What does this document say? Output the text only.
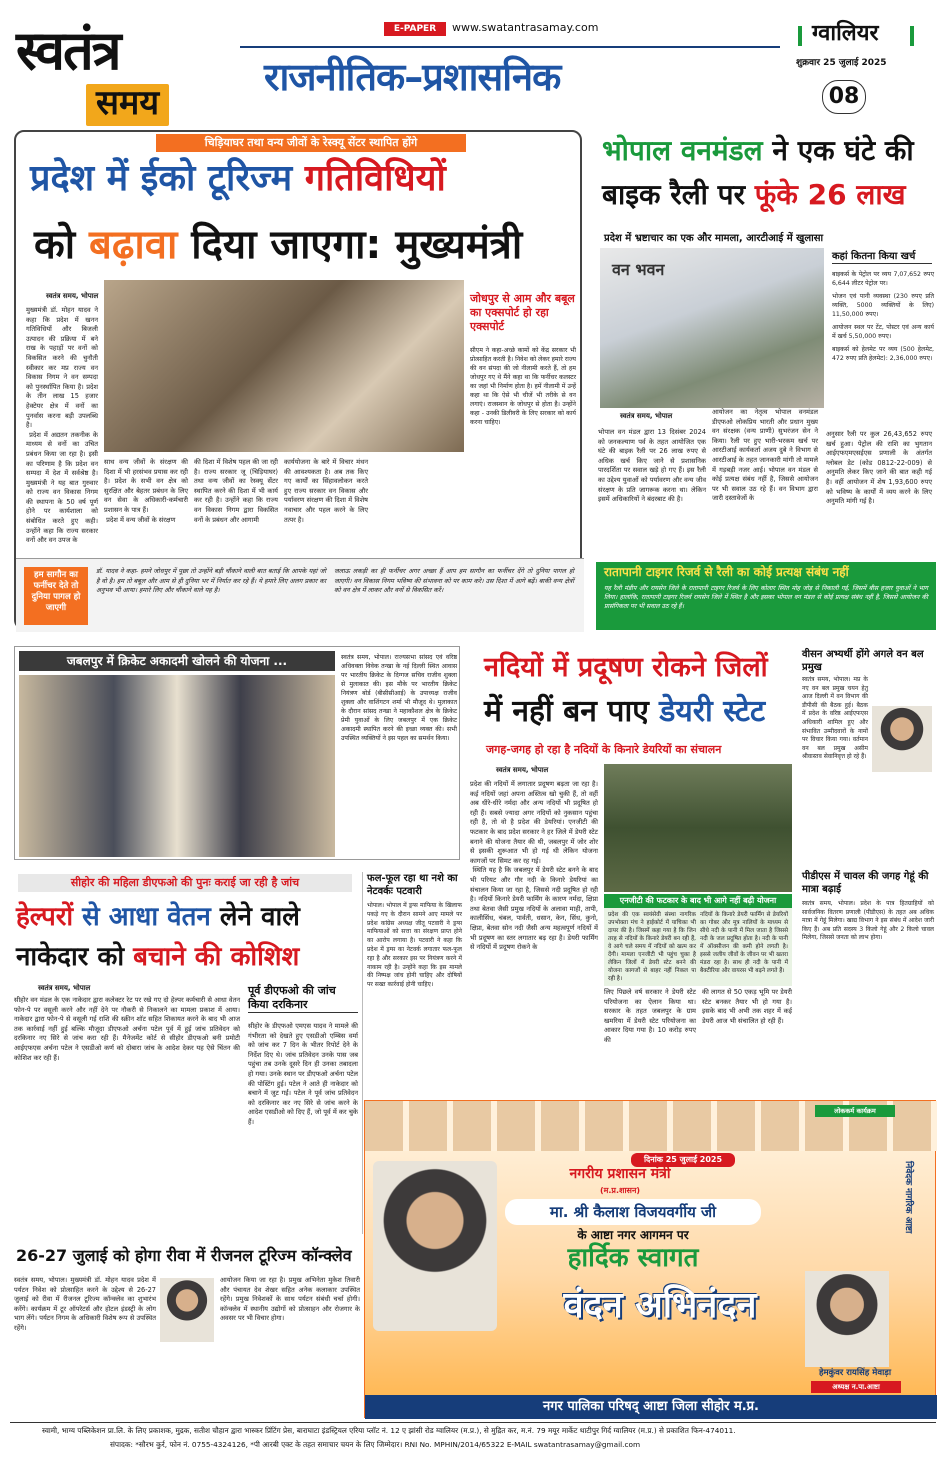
स्वतंत्र
समय
E-PAPER	www.swatantrasamay.com
राजनीतिक–प्रशासनिक
ग्वालियर
शुक्रवार 25 जुलाई 2025
08
चिड़ियाघर तथा वन्य जीवों के रेस्क्यू सेंटर स्थापित होंगे
प्रदेश में ईको टूरिज्म गतिविधियों
को बढ़ावा दिया जाएगा: मुख्यमंत्री
स्वतंत्र समय, भोपाल
मुख्यमंत्री डॉ. मोहन यादव ने कहा कि प्रदेश में खनन गतिविधियों और बिजली उत्पादन की प्रक्रिया में बने राख के पहाड़ों पर वनों को विकसित करने की चुनौती स्वीकार कर मप्र राज्य वन विकास निगम ने वन सम्पदा को पुनर्स्थापित किया है। प्रदेश के तीन लाख 15 हजार हेक्टेयर क्षेत्र में वनों का पुनर्वास करना बड़ी उपलब्धि है।
प्रदेश में अद्यतन तकनीक के माध्यम से वनों का उचित प्रबंधन किया जा रहा है। इसी का परिणाम है कि प्रदेश वन सम्पदा में देश में सर्वश्रेष्ठ है। मुख्यमंत्री ने यह बात गुरुवार को राज्य वन विकास निगम की स्थापना के 50 वर्ष पूर्ण होने पर कार्यशाला को संबोधित करते हुए कही। उन्होंने कहा कि राज्य सरकार वनों और वन उपज के
साथ वन्य जीवों के संरक्षण की दिशा में भी हरसंभव प्रयास कर रही है। प्रदेश के सभी वन क्षेत्र को सुरक्षित और बेहतर प्रबंधन के लिए वन सेवा के अधिकारी-कर्मचारी प्रशासन के पात्र हैं।
प्रदेश में वन्य जीवों के संरक्षण
की दिशा में विशेष पहल की जा रही है। राज्य सरकार जू (चिड़ियाघर) तथा वन्य जीवों का रेस्क्यू सेंटर स्थापित करने की दिशा में भी कार्य कर रही है। उन्होंने कहा कि राज्य वन विकास निगम द्वारा विकसित वनों के प्रबंधन और आगामी
कार्ययोजना के बारे में विचार मंथन की आवश्यकता है। अब तक किए गए कार्यों का सिंहावलोकन करते हुए राज्य सरकार वन विकास और पर्यावरण संरक्षण की दिशा में विशेष नवाचार और पहल करने के लिए तत्पर है।
जोधपुर से आम और बबूल का एक्सपोर्ट हो रहा एक्सपोर्ट
सीएम ने कहा-अच्छे कामों को केंद्र सरकार भी प्रोत्साहित करती है। निवेश को लेकर हमारे राज्य की वन संपदा की जो नीलामी करते हैं, तो हम जोधपुर गए थे मैंने कहा था कि फर्नीचर कलस्टर का जहां भी निर्माण होता है। हमें नीलामी में उन्हें कहा था कि ऐसे भी चीजें भी तरीके से वन लगाएं। राजस्थान के जोधपुर से होता है। उन्होंने कहा - उनकी डिलीवरी के लिए सरकार को कार्य करना चाहिए।
हम सागौन का फर्नीचर देते तो दुनिया पागल हो जाएगी
डॉ. यादव ने कहा- हमने जोधपुर में पूछा तो उन्होंने बड़ी चौंकाने वाली बात बताई कि आपके यहां जो है वो है। हम तो बबूल और आम से ही दुनिया भर में निर्यात कर रहे हैं। ये हमारे लिए अलग प्रकार का अनुभव भी आया। हमारे लिए और चौंकाने वाले यह है।
जलाऊ लकड़ी का ही फर्नीचर अगर अच्छा हैं आप हम सागौन का फर्नीचर देंगे तो दुनिया पागल हो जाएगी। वन विकास निगम भविष्य की संभावना को पर काम करे। उस दिशा में आगे बढ़ें। बाकी वन्य क्षेत्रों को वन क्षेत्र में लाकर और वनों से विकसित करें।
भोपाल वनमंडल ने एक घंटे की
बाइक रैली पर फूंके 26 लाख
प्रदेश में भ्रष्टाचार का एक और मामला, आरटीआई में खुलासा
वन भवन
कहां कितना किया खर्च
बाइकर्स के पेट्रोल पर व्यय 7,07,652 रुपए 6,644 लीटर पेट्रोल पर।
भोजन एवं पानी व्यवस्था (230 रुपए प्रति व्यक्ति, 5000 व्यक्तियों के लिए) 11,50,000 रुपए।
आयोजन स्थल पर टेंट, पोस्टर एवं अन्य कार्य में खर्च 5,50,000 रुपए।
बाइकर्स को हेलमेट पर व्यय (500 हेलमेट, 472 रुपए प्रति हेलमेट): 2,36,000 रुपए।
स्वतंत्र समय, भोपाल
भोपाल वन मंडल द्वारा 13 दिसंबर 2024 को जनकल्याण पर्व के तहत आयोजित एक घंटे की बाइक रैली पर 26 लाख रुपए से अधिक खर्च किए जाने से प्रशासनिक पारदर्शिता पर सवाल खड़े हो गए हैं। इस रैली का उद्देश्य युवाओं को पर्यावरण और वन्य जीव संरक्षण के प्रति जागरूक करना था। लेकिन इसमें अधिकारियों ने बंदरबाट की है।
आयोजन का नेतृत्व भोपाल वनमंडल डीएफओ लोकप्रिय भारती और प्रधान मुख्य वन संरक्षक (वन्य प्राणी) सुभरंजन सेन ने किया। रैली पर हुए भारी-भरकम खर्च पर आरटीआई कार्यकर्ता अजय दुबे ने विभाग से आरटीआई के तहत जानकारी मांगी तो मामले में गड़बड़ी नजर आई। भोपाल वन मंडल से कोई प्रत्यक्ष संबंध नहीं है, जिससे आयोजन पर भी सवाल उठ रहे हैं। वन विभाग द्वारा जारी दस्तावेजों के
अनुसार रैली पर कुल 26,43,652 रुपए खर्च हुआ। पेट्रोल की राशि का भुगतान आईएफएमएसईएस प्रणाली के अंतर्गत ग्लोबल डेट (कोड 0812-22-009) से अनुमति लेकर किए जाने की बात कही गई है। वहीं आयोजन में शेष 1,93,600 रुपए को भविष्य के कार्यों में व्यय करने के लिए अनुमति मांगी गई है।
रातापानी टाइगर रिजर्व से रैली का कोई प्रत्यक्ष संबंध नहीं
यह रैली मंडीप और रायसेन जिले के रातापानी टाइगर रिजर्व के लिए कोलार स्थित मोह जोड़ से निकाली गई, जिसमें बीस हजार युवाओं ने भाग लिया। हालांकि, रातापानी टाइगर रिजर्व रायसेन जिले में स्थित है और इसका भोपाल वन मंडल से कोई प्रत्यक्ष संबंध नहीं है, जिससे आयोजन की प्रासंगिकता पर भी सवाल उठ रहे हैं।
जबलपुर में क्रिकेट अकादमी खोलने की योजना ...	स्वतंत्र समय, भोपाल। राज्यसभा सांसद एवं वरिष्ठ अधिवक्ता विवेक तन्खा के नई दिल्ली स्थित आवास पर भारतीय क्रिकेट के दिग्गज सचिव राजीव शुक्ला से मुलाकात की। इस मौके पर भारतीय क्रिकेट नियंत्रण बोर्ड (बीसीसीआई) के उपाध्यक्ष राजीव शुक्ला और वाशिंगटन शर्मा भी मौजूद थे। मुलाकात के दौरान सांसद तन्खा ने महाकौशल क्षेत्र के क्रिकेट प्रेमी युवाओं के लिए जबलपुर में एक क्रिकेट अकादमी स्थापित करने की इच्छा व्यक्त की। सभी उपस्थित व्यक्तियों ने इस पहल का समर्थन किया।
नदियों में प्रदूषण रोकने जिलों
में नहीं बन पाए डेयरी स्टेट
जगह-जगह हो रहा है नदियों के किनारे डेयरियों का संचालन
स्वतंत्र समय, भोपाल
प्रदेश की नदियों में लगातार प्रदूषण बढ़ता जा रहा है। कई नदियों जहां अपना अस्तित्व खो चुकी हैं, तो वहीं अब धीरे-धीरे नर्मदा और अन्य नदियों भी प्रदूषित हो रही हैं। सबसे ज्यादा अगर नदियों को नुकसान पहुंचा रही है, तो वो है प्रदेश की डेयरियां। एनजीटी की फटकार के बाद प्रदेश सरकार ने हर जिले में डेयरी स्टेट बनाने की योजना तैयार की थी, जबलपुर में जोर शोर से इसकी शुरूआत भी हो गई थी लेकिन योजना कागजों पर सिमट कर रह गई।
स्थिति यह है कि जबलपुर में डेयरी स्टेट बनने के बाद भी परियट और गौर नदी के किनारे डेयरियां का संचालन किया जा रहा है, जिससे नदी प्रदूषित हो रही है। नदियों किनारे डेयरी फार्मिंग के कारण नर्मदा, क्षिप्रा तथा बेतवा जैसी प्रमुख नदियों के अलावा माही, तापी, कालीसिंध, चंबल, पार्वती, धसान, केन, सिंध, कुनो, क्षिप्रा, बेतवा सोन नदी जैसी अन्य महत्वपूर्ण नदियों में भी प्रदूषण का स्तर लगातार बढ़ रहा है। डेयरी फार्मिंग से नदियों में प्रदूषण रोकने के
एनजीटी की फटकार के बाद भी आगे नहीं बढ़ी योजना
प्रदेश की एक स्वयंसेवी संस्था नागरिक उपभोक्ता मंच ने हाईकोर्ट में याचिका भी दायर की है। जिसमें कहा गया है कि जिन तरह से नदियों के किनारे डेयरी बन रही हैं, वे आगे चले समय में नदियों को खत्म कर देंगी। मामला एनजीटी भी पहुंच चुका है लेकिन जिलों में डेयरी स्टेट बनने की योजना कागजों से बाहर नहीं निकल पा रही है।
नदियों के किनारे डेयरी फार्मिंग से डेयरियों का गोबर और मूत्र नालियों के माध्यम से सीधे नदी के पानी में मिल जाता है जिससे नदी के जल प्रदूषित होता है। नदी के पानी में ऑक्सीजन की कमी होने लगती है। इससे जलीय जीवों के जीवन पर भी खतरा मंडरा रहा है। साथ ही नदी के पानी में बैक्टीरिया और वायरस भी बढ़ने लगते हैं।
लिए पिछले वर्ष सरकार ने डेयरी स्टेट परियोजना का ऐलान किया था। सरकार के तहत जबलपुर के ग्राम खमरिया में डेयरी स्टेट परियोजना का आकार दिया गया है। 10 करोड़ रुपए की
की लागत से 50 एकड़ भूमि पर डेयरी स्टेट बनकर तैयार भी हो गया है। इसके बाद भी अभी तक शहर में कई डेयरी आज भी संचालित हो रही हैं।
वीसन अभ्यर्थी होंगे अगले वन बल प्रमुख
स्वतंत्र समय, भोपाल। मप्र के नए वन बल प्रमुख चयन हेतु आज दिल्ली में वन विभाग की डीपीसी की बैठक हुई। बैठक में प्रदेश के वरिष्ठ आईएफएस अधिकारी शामिल हुए और संभावित उम्मीदवारों के नामों पर विचार किया गया। वर्तमान वन बल प्रमुख असीम श्रीवास्तव सेवानिवृत्त हो रहे हैं।
पीडीएस में चावल की जगह गेहूं की मात्रा बढ़ाई
स्वतंत्र समय, भोपाल। प्रदेश के पात्र हितग्राहियों को सार्वजनिक वितरण प्रणाली (पीडीएस) के तहत अब अधिक मात्रा में गेहूं मिलेगा। खाद्य विभाग ने इस संबंध में आदेश जारी किए हैं। अब प्रति सदस्य 3 किलो गेहूं और 2 किलो चावल मिलेगा, जिससे जनता को लाभ होगा।
सीहोर की महिला डीएफओ की पुनः कराई जा रही है जांच
हेल्परों से आधा वेतन लेने वाले
नाकेदार को बचाने की कोशिश
स्वतंत्र समय, भोपाल
सीहोर वन मंडल के एक नाकेदार द्वारा कलेक्टर रेट पर रखे गए दो हेल्पर कर्मचारी से आधा वेतन फोन-पे पर वसूली करने और नहीं देने पर नौकरी से निकालने का मामला प्रकाश में आया। नाकेदार द्वारा फोन-पे से वसूली गई राशि की स्क्रीन शॉट सहित शिकायत करने के बाद भी आज तक कार्रवाई नहीं हुई बल्कि मौजूदा डीएफओ अर्चना पटेल पूर्व में हुई जांच प्रतिवेदन को दरकिनार नए सिरे से जांच करा रही हैं। मैनेजमेंट कोर्ट से सीहोर डीएफओ बनी प्रमोटी आईएफएस अर्चना पटेल ने एसडीओ कर्ण को दोबारा जांच के आदेश देकर यह ऐसे चिंतन की कोशिश कर रही हैं।
पूर्व डीएफओ की जांच किया दरकिनार
सीहोर के डीएफओ एमएस यादव ने मामले की गंभीरता को देखते हुए एसडीओ एम्बिस वर्मा को जांच कर 7 दिन के भीतर रिपोर्ट देने के निर्देश दिए थे। जांच प्रतिवेदन उनके पास जब पहुंचा तब उनके दूसरे दिन ही उनका तबादला हो गया। उनके स्थान पर डीएफओ अर्चना पटेल की पोस्टिंग हुई। पटेल ने आते ही नाकेदार को बचाने में जुट गईं। पटेल ने पूर्व जांच प्रतिवेदन को दरकिनार कर नए सिरे से जांच करने के आदेश एसडीओ को दिए हैं, जो पूर्व में कर चुके हैं।
फल-फूल रहा था नशे का नेटवर्कः पटवारी
भोपाल। भोपाल में ड्रग्स माफिया के खिलाफ पकड़े गए के दौरान सामने आए मामले पर प्रदेश कांग्रेस अध्यक्ष जीतू पटवारी ने ड्रग्स माफियाओं को सत्ता का संरक्षण प्राप्त होने का आरोप लगाया है। पटवारी ने कहा कि प्रदेश में ड्रग्स का नेटवर्क लगातार फल-फूल रहा है और सरकार इस पर नियंत्रण करने में नाकाम रही है। उन्होंने कहा कि इस मामले की निष्पक्ष जांच होनी चाहिए और दोषियों पर सख्त कार्रवाई होनी चाहिए।
26-27 जुलाई को होगा रीवा में रीजनल टूरिज्म कॉन्क्लेव
स्वतंत्र समय, भोपाल। मुख्यमंत्री डॉ. मोहन यादव प्रदेश में पर्यटन निवेश को प्रोत्साहित करने के उद्देश्य से 26-27 जुलाई को रीवा में रीजनल टूरिज्म कॉन्क्लेव का शुभारंभ करेंगे। कार्यक्रम में टूर ऑपरेटर्स और होटल इंडस्ट्री के लोग भाग लेंगे। पर्यटन निगम के अधिकारी विशेष रूप से उपस्थित रहेंगे।
आयोजन किया जा रहा है। प्रमुख अभिनेता मुकेश तिवारी और पंचायत देव शेखर सहित अनेक कलाकार उपस्थित रहेंगे। प्रमुख निवेशकों के साथ पर्यटन संबंधी चर्चा होगी। कॉन्क्लेव में स्थानीय उद्योगों को प्रोत्साहन और रोजगार के अवसर पर भी विचार होगा।
दिनांक 25 जुलाई 2025
लोककर्म कार्यक्रम
नगरीय प्रशासन मंत्री
(म.प्र.शासन)
मा. श्री कैलाश विजयवर्गीय जी
के आष्टा नगर आगमन पर
हार्दिक स्वागत
वंदन अभिनंदन
निवेदक नागरिक आष्टा
हेमकुंवर रायसिंह मेवाड़ा
अध्यक्ष न.पा.आष्टा
नगर पालिका परिषद् आष्टा जिला सीहोर म.प्र.
स्वामी, भाग्य पब्लिकेशन प्रा.लि. के लिए प्रकाशक, मुद्रक, सतीश चौहान द्वारा भास्कर प्रिंटिंग प्रेस, बाराघाटा इंडस्ट्रियल एरिया प्लॉट नं. 12 ए झांसी रोड ग्वालियर (म.प्र.), से मुद्रित कर, म.नं. 79 मयूर मार्केट थाटीपुर गिर्द ग्वालियर (म.प्र.) से प्रकाशित फिन-474011.
संपादक: *सौरभ कुर्र, फोन नं. 0755-4324126, *पी आरबी एक्ट के तहत समाचार चयन के लिए जिम्मेदार। RNI No. MPHIN/2014/65322 E-MAIL swatantrasamay@gmail.com
